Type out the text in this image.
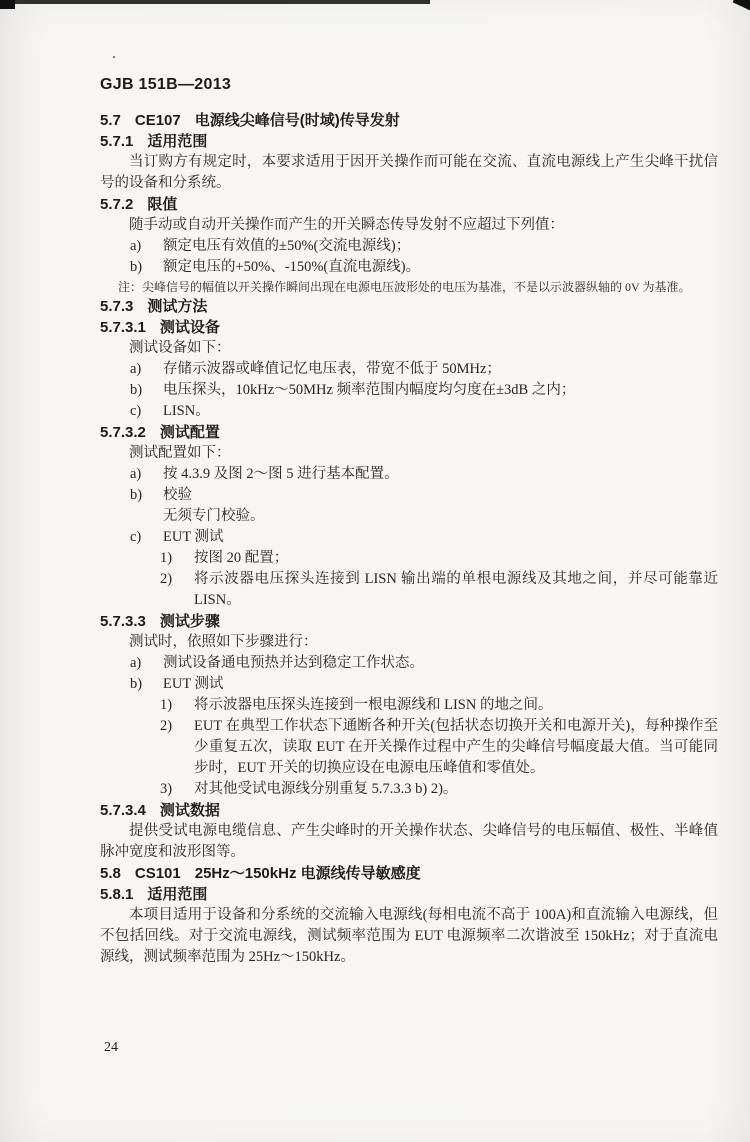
GJB 151B—2013
5.7 CE107 电源线尖峰信号(时域)传导发射
5.7.1 适用范围
当订购方有规定时，本要求适用于因开关操作而可能在交流、直流电源线上产生尖峰干扰信号的设备和分系统。
5.7.2 限值
随手动或自动开关操作而产生的开关瞬态传导发射不应超过下列值：
a)	额定电压有效值的±50%(交流电源线)；
b)	额定电压的+50%、-150%(直流电源线)。
注：尖峰信号的幅值以开关操作瞬间出现在电源电压波形处的电压为基准，不是以示波器纵轴的 0V 为基准。
5.7.3 测试方法
5.7.3.1 测试设备
测试设备如下：
a)	存储示波器或峰值记忆电压表，带宽不低于 50MHz；
b)	电压探头，10kHz～50MHz 频率范围内幅度均匀度在±3dB 之内；
c)	LISN。
5.7.3.2 测试配置
测试配置如下：
a)	按 4.3.9 及图 2～图 5 进行基本配置。
b)	校验
无须专门校验。
c)	EUT 测试
1)	按图 20 配置；
2)	将示波器电压探头连接到 LISN 输出端的单根电源线及其地之间，并尽可能靠近 LISN。
5.7.3.3 测试步骤
测试时，依照如下步骤进行：
a)	测试设备通电预热并达到稳定工作状态。
b)	EUT 测试
1)	将示波器电压探头连接到一根电源线和 LISN 的地之间。
2)	EUT 在典型工作状态下通断各种开关(包括状态切换开关和电源开关)，每种操作至少重复五次，读取 EUT 在开关操作过程中产生的尖峰信号幅度最大值。当可能同步时，EUT 开关的切换应设在电源电压峰值和零值处。
3)	对其他受试电源线分别重复 5.7.3.3 b) 2)。
5.7.3.4 测试数据
提供受试电源电缆信息、产生尖峰时的开关操作状态、尖峰信号的电压幅值、极性、半峰值脉冲宽度和波形图等。
5.8 CS101 25Hz～150kHz 电源线传导敏感度
5.8.1 适用范围
本项目适用于设备和分系统的交流输入电源线(每相电流不高于 100A)和直流输入电源线，但不包括回线。对于交流电源线，测试频率范围为 EUT 电源频率二次谐波至 150kHz；对于直流电源线，测试频率范围为 25Hz～150kHz。
24
